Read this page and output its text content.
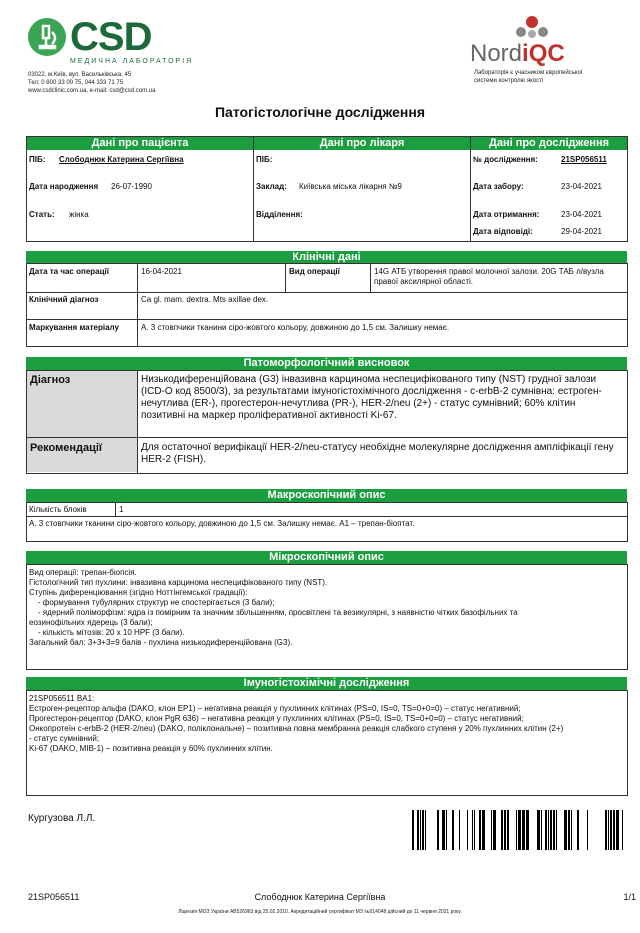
CSD
МЕДИЧНА ЛАБОРАТОРІЯ
03022, м.Київ, вул. Васильківська, 45
Тел: 0 800 33 00 75, 044 333 71 75
www.csdclinic.com.ua, e-mail: csd@csd.com.ua
NordiQC
Лабораторія є учасником європейської системи контролю якості
Патогістологічне дослідження
Дані про пацієнта	Дані про лікаря	Дані про дослідження
ПІБ: Слободнюк Катерина Сергіївна
Дата народження 26-07-1990
Стать: жінка
ПІБ:
Заклад: Київська міська лікарня №9
Відділення:
№ дослідження:	21SP056511
Дата забору:	23-04-2021
Дата отримання:	23-04-2021
Дата відповіді:	29-04-2021
Клінічні дані
Дата та час операції	16-04-2021	Вид операції	14G АТБ утворення правої молочної залози. 20G ТАБ л/вузла правої аксилярної області.
Клінічний діагноз	Ca gl. mam. dextra. Mts axillae dex.
Маркування матеріалу	А. 3 стовпчики тканини сіро-жовтого кольору, довжиною до 1,5 см. Залишку немає.
Патоморфологічний висновок
Діагноз	Низькодиференційована (G3) інвазивна карцинома неспецифікованого типу (NST) грудної залози (ICD-O код 8500/3), за результатами імуногістохімічного дослідження - c-erbB-2 сумнівна: естроген-нечутлива (ER-), прогестерон-нечутлива (PR-), HER-2/neu (2+) - статус сумнівний; 60% клітин позитивні на маркер проліферативної активності Ki-67.
Рекомендації	Для остаточної верифікації HER-2/neu-статусу необхідне молекулярне дослідження ампліфікації гену HER-2 (FISH).
Макроскопічний опис
Кількість блоків	1
А. 3 стовпчики тканини сіро-жовтого кольору, довжиною до 1,5 см. Залишку немає. А1 – трепан-біоптат.
Мікроскопічний опис
Вид операції: трепан-біопсія.
Гістологічний тип пухлини: інвазивна карцинома неспецифікованого типу (NST).
Ступінь диференціювання (згідно Ноттінгемської градації):
- формування тубулярних структур не спостерігається (3 бали);
- ядерний поліморфізм: ядра із помірним та значним збільшенням, просвітлені та везикулярні, з наявністю чітких базофільних та
еозинофільних ядерець (3 бали);
- кількість мітозів: 20 х 10 HPF (3 бали).
Загальний бал: 3+3+3=9 балів - пухлина низькодиференційована (G3).
Імуногістохімічні дослідження
21SP056511 BA1:
Естроген-рецептор альфа (DAKO, клон EP1) – негативна реакція у пухлинних клітинах (PS=0, IS=0, TS=0+0=0) – статус негативний;
Прогестерон-рецептор (DAKO, клон PgR 636) – негативна реакція у пухлинних клітинах (PS=0, IS=0, TS=0+0=0) – статус негативний;
Онкопротеїн c-erbB-2 (HER-2/neu) (DAKO, поліклональне) – позитивна повна мембранна реакція слабкого ступеня у 20% пухлинних клітин (2+)
- статус сумнівний;
Ki-67 (DAKO, MIB-1) – позитивна реакція у 60% пухлинних клітин.
Кургузова Л.Л.
21SP056511	Слободнюк Катерина Сергіївна	1/1
Ліцензія МОЗ України АВ526963 від 25.02.2010. Акредитаційний сертифікат МЗ №014048 дійсний до 11 червня 2021 року.
